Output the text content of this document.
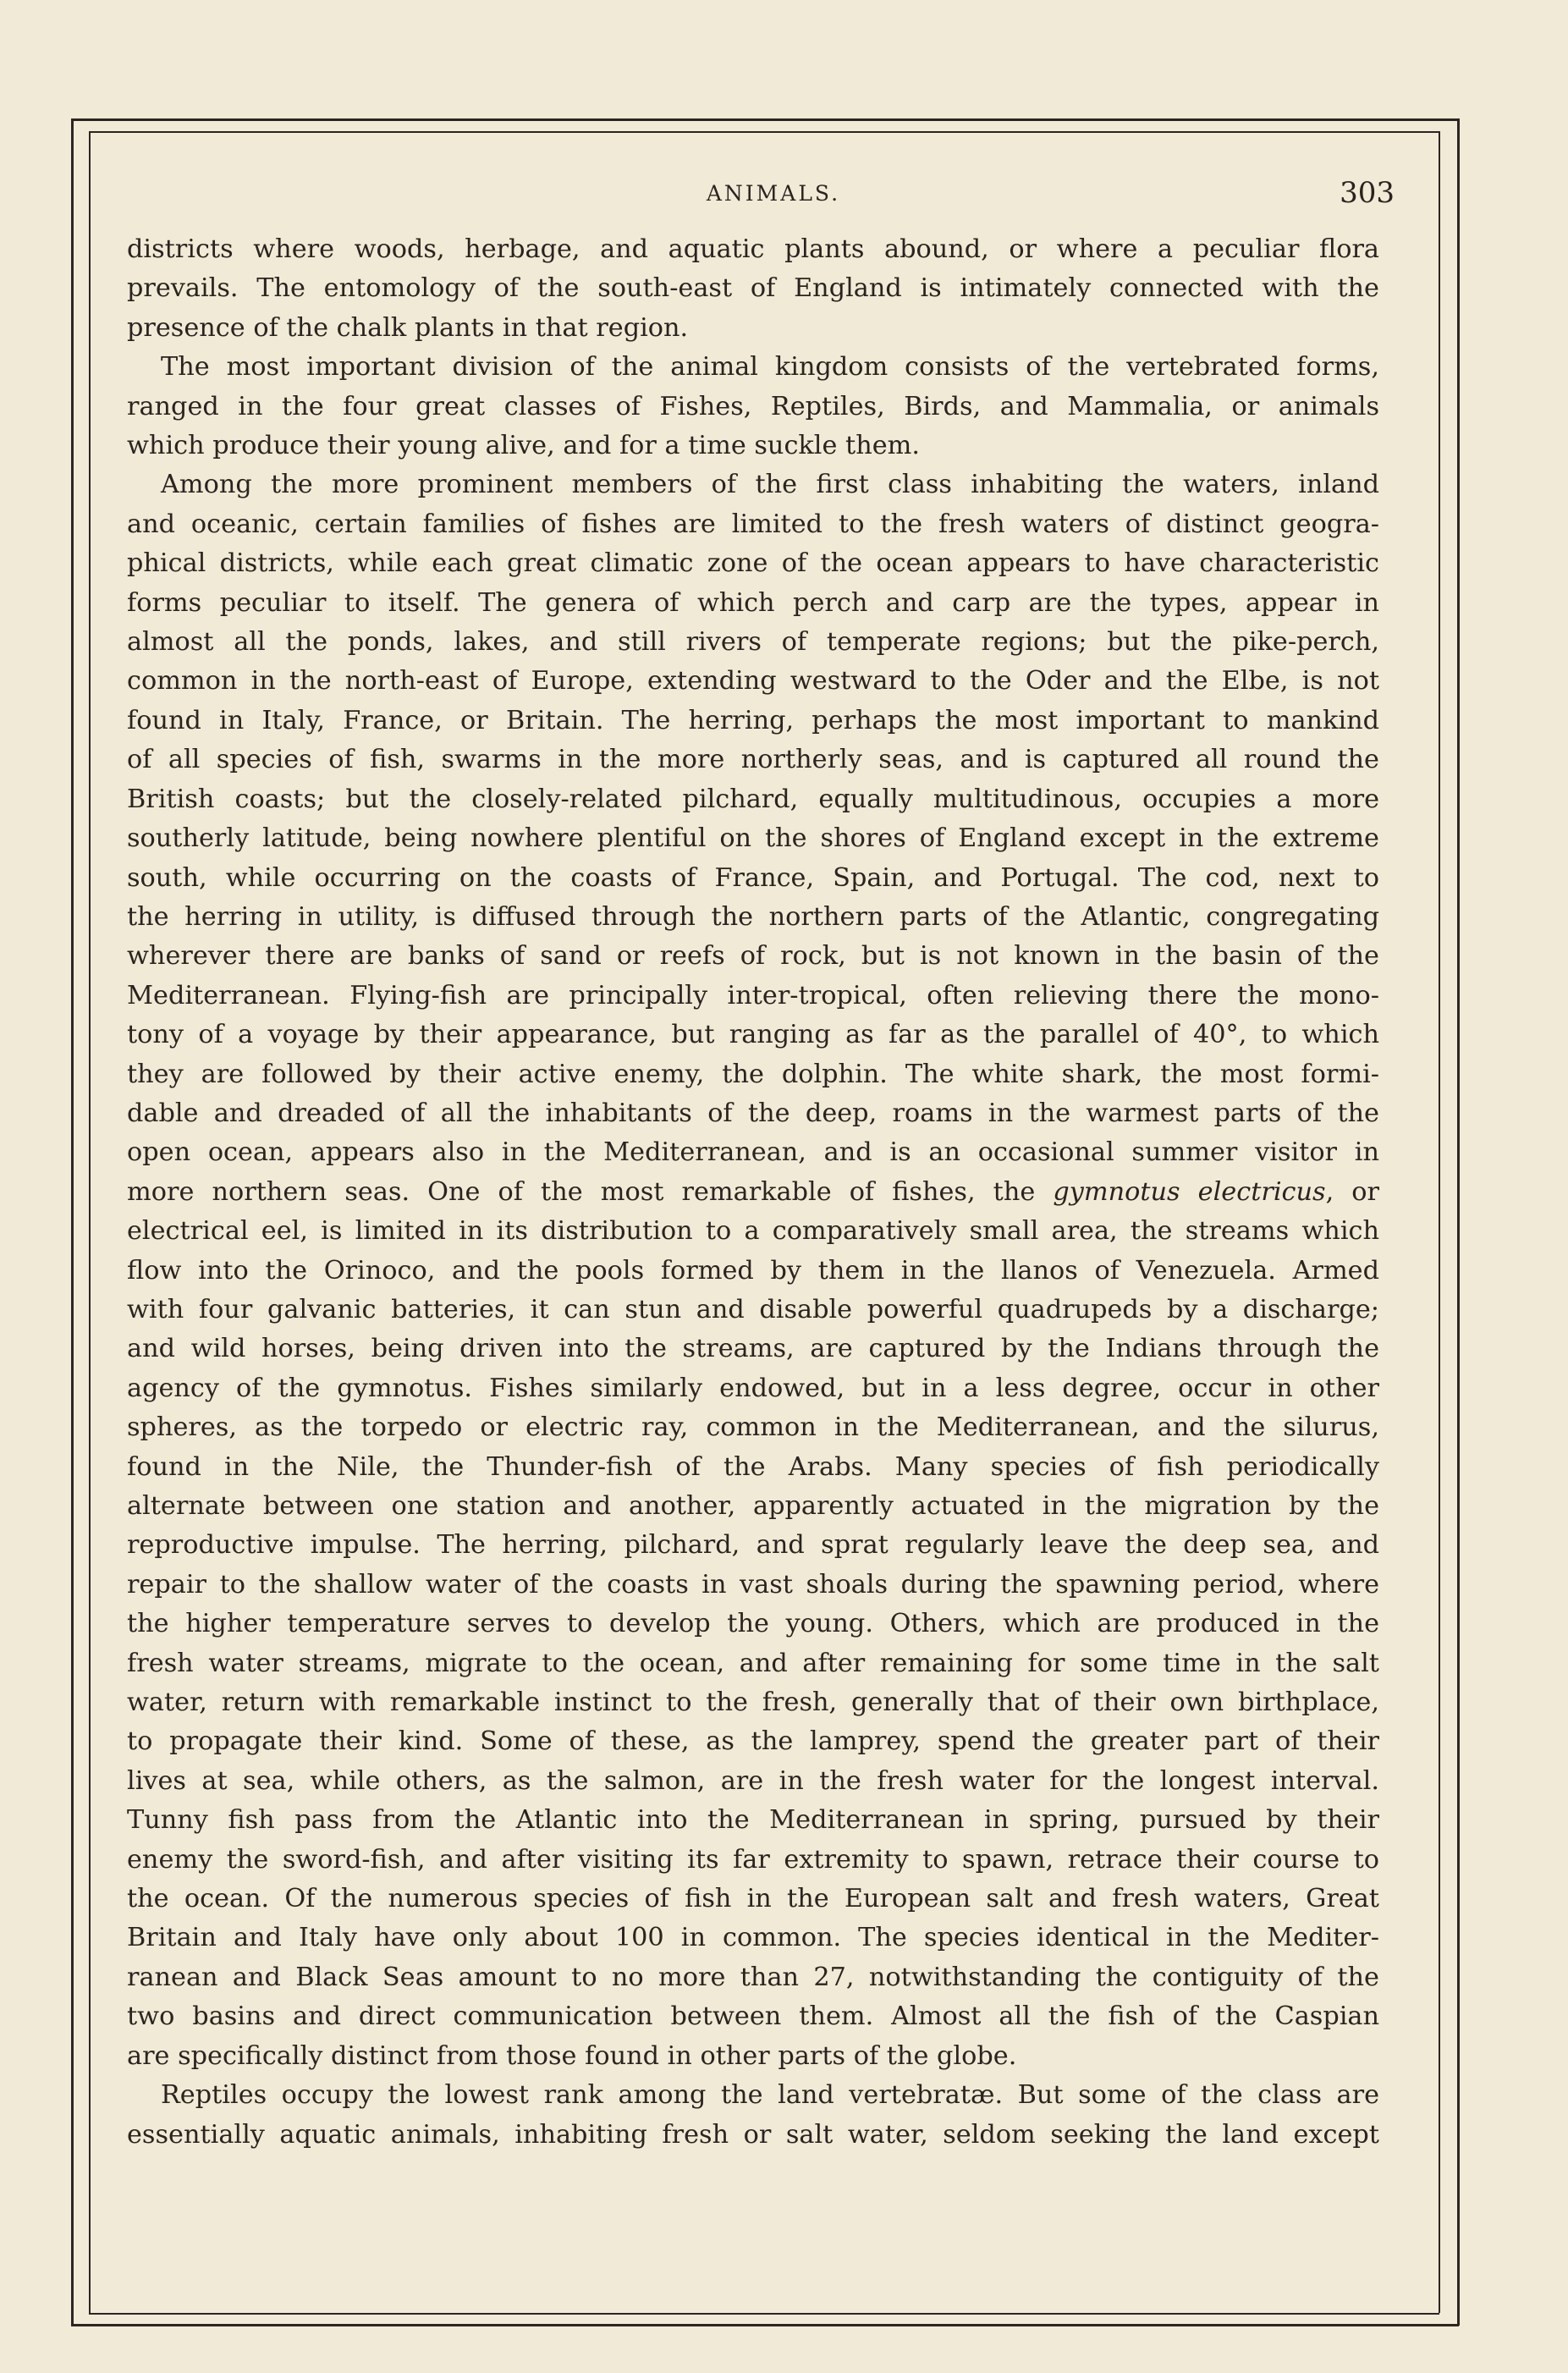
ANIMALS.	303
districts where woods, herbage, and aquatic plants abound, or where a peculiar flora
prevails. The entomology of the south-east of England is intimately connected with the
presence of the chalk plants in that region.
The most important division of the animal kingdom consists of the vertebrated forms,
ranged in the four great classes of Fishes, Reptiles, Birds, and Mammalia, or animals
which produce their young alive, and for a time suckle them.
Among the more prominent members of the first class inhabiting the waters, inland
and oceanic, certain families of fishes are limited to the fresh waters of distinct geogra-
phical districts, while each great climatic zone of the ocean appears to have characteristic
forms peculiar to itself. The genera of which perch and carp are the types, appear in
almost all the ponds, lakes, and still rivers of temperate regions; but the pike-perch,
common in the north-east of Europe, extending westward to the Oder and the Elbe, is not
found in Italy, France, or Britain. The herring, perhaps the most important to mankind
of all species of fish, swarms in the more northerly seas, and is captured all round the
British coasts; but the closely-related pilchard, equally multitudinous, occupies a more
southerly latitude, being nowhere plentiful on the shores of England except in the extreme
south, while occurring on the coasts of France, Spain, and Portugal. The cod, next to
the herring in utility, is diffused through the northern parts of the Atlantic, congregating
wherever there are banks of sand or reefs of rock, but is not known in the basin of the
Mediterranean. Flying-fish are principally inter-tropical, often relieving there the mono-
tony of a voyage by their appearance, but ranging as far as the parallel of 40°, to which
they are followed by their active enemy, the dolphin. The white shark, the most formi-
dable and dreaded of all the inhabitants of the deep, roams in the warmest parts of the
open ocean, appears also in the Mediterranean, and is an occasional summer visitor in
more northern seas. One of the most remarkable of fishes, the gymnotus electricus, or
electrical eel, is limited in its distribution to a comparatively small area, the streams which
flow into the Orinoco, and the pools formed by them in the llanos of Venezuela. Armed
with four galvanic batteries, it can stun and disable powerful quadrupeds by a discharge;
and wild horses, being driven into the streams, are captured by the Indians through the
agency of the gymnotus. Fishes similarly endowed, but in a less degree, occur in other
spheres, as the torpedo or electric ray, common in the Mediterranean, and the silurus,
found in the Nile, the Thunder-fish of the Arabs. Many species of fish periodically
alternate between one station and another, apparently actuated in the migration by the
reproductive impulse. The herring, pilchard, and sprat regularly leave the deep sea, and
repair to the shallow water of the coasts in vast shoals during the spawning period, where
the higher temperature serves to develop the young. Others, which are produced in the
fresh water streams, migrate to the ocean, and after remaining for some time in the salt
water, return with remarkable instinct to the fresh, generally that of their own birthplace,
to propagate their kind. Some of these, as the lamprey, spend the greater part of their
lives at sea, while others, as the salmon, are in the fresh water for the longest interval.
Tunny fish pass from the Atlantic into the Mediterranean in spring, pursued by their
enemy the sword-fish, and after visiting its far extremity to spawn, retrace their course to
the ocean. Of the numerous species of fish in the European salt and fresh waters, Great
Britain and Italy have only about 100 in common. The species identical in the Mediter-
ranean and Black Seas amount to no more than 27, notwithstanding the contiguity of the
two basins and direct communication between them. Almost all the fish of the Caspian
are specifically distinct from those found in other parts of the globe.
Reptiles occupy the lowest rank among the land vertebratæ. But some of the class are
essentially aquatic animals, inhabiting fresh or salt water, seldom seeking the land except
